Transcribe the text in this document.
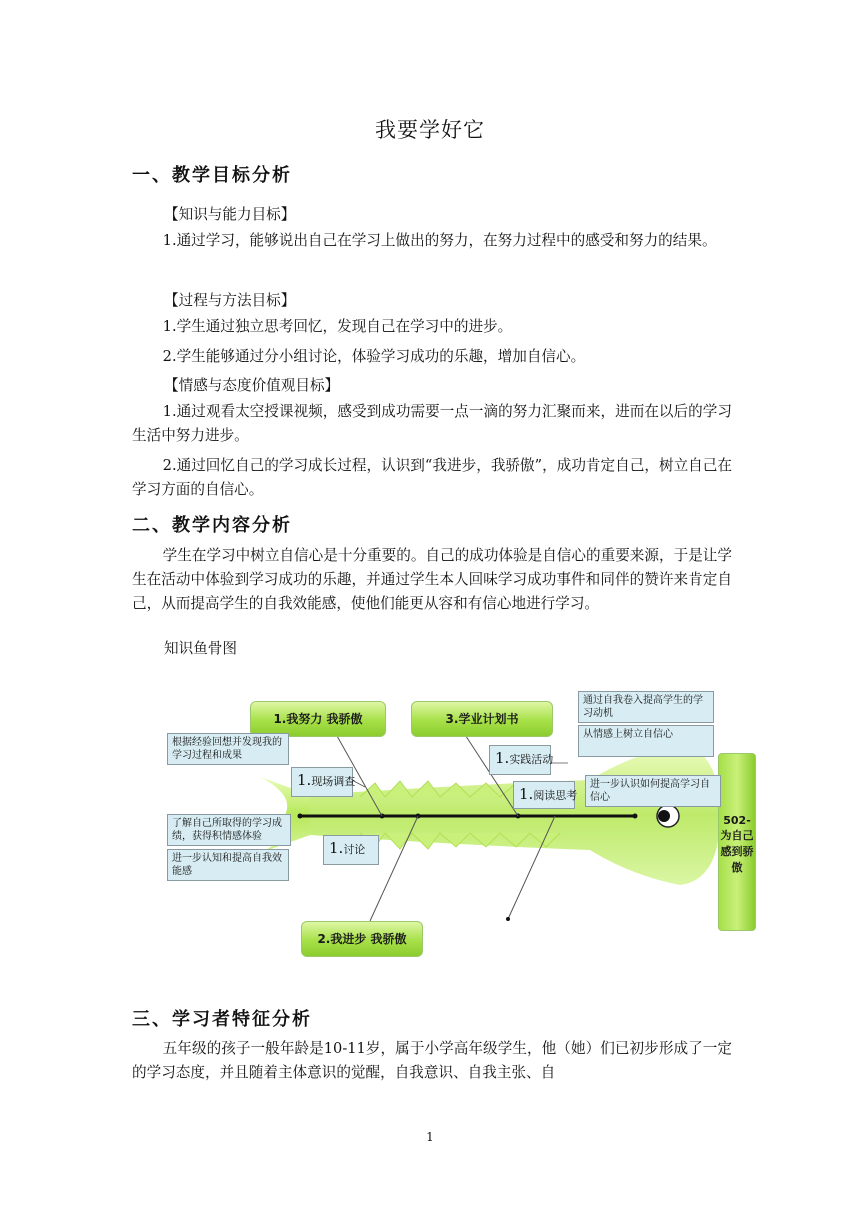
我要学好它
一、教学目标分析
【知识与能力目标】
1.通过学习，能够说出自己在学习上做出的努力，在努力过程中的感受和努力的结果。
【过程与方法目标】
1.学生通过独立思考回忆，发现自己在学习中的进步。
2.学生能够通过分小组讨论，体验学习成功的乐趣，增加自信心。
【情感与态度价值观目标】
1.通过观看太空授课视频，感受到成功需要一点一滴的努力汇聚而来，进而在以后的学习生活中努力进步。
2.通过回忆自己的学习成长过程，认识到“我进步，我骄傲”，成功肯定自己，树立自己在学习方面的自信心。
二、教学内容分析
学生在学习中树立自信心是十分重要的。自己的成功体验是自信心的重要来源，于是让学生在活动中体验到学习成功的乐趣，并通过学生本人回味学习成功事件和同伴的赞许来肯定自己，从而提高学生的自我效能感，使他们能更从容和有信心地进行学习。
知识鱼骨图
1.我努力 我骄傲	3.学业计划书
2.我进步 我骄傲
502-为自己感到骄傲
根据经验回想并发现我的学习过程和成果
了解自己所取得的学习成绩，获得积情感体验
进一步认知和提高自我效能感
通过自我卷入提高学生的学习动机
从情感上树立自信心
进一步认识如何提高学习自信心
1.现场调查
1.讨论
1.实践活动
1.阅读思考
三、学习者特征分析
五年级的孩子一般年龄是10-11岁，属于小学高年级学生，他（她）们已初步形成了一定的学习态度，并且随着主体意识的觉醒，自我意识、自我主张、自
1
